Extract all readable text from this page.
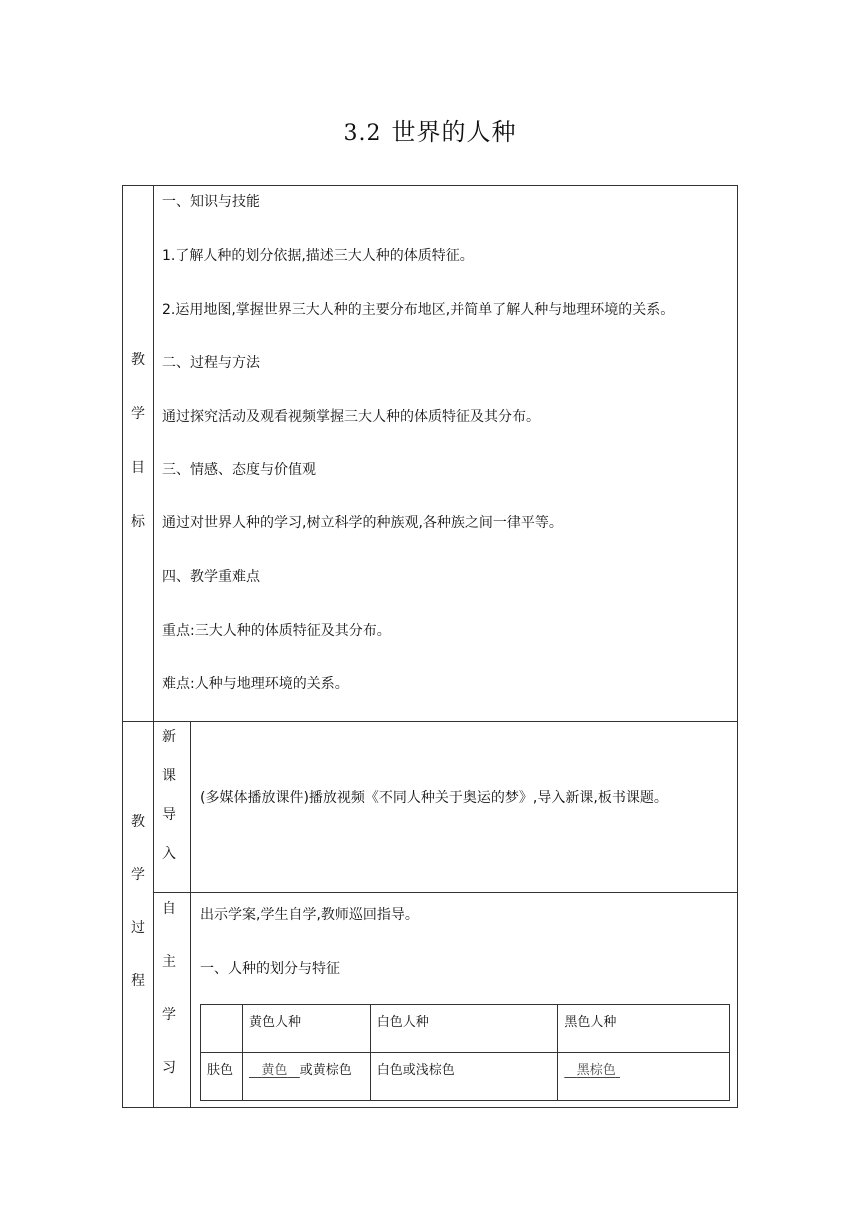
3.2 世界的人种
教
学
目
标
一、知识与技能
1.了解人种的划分依据,描述三大人种的体质特征。
2.运用地图,掌握世界三大人种的主要分布地区,并简单了解人种与地理环境的关系。
二、过程与方法
通过探究活动及观看视频掌握三大人种的体质特征及其分布。
三、情感、态度与价值观
通过对世界人种的学习,树立科学的种族观,各种族之间一律平等。
四、教学重难点
重点:三大人种的体质特征及其分布。
难点:人种与地理环境的关系。
教
学
过
程
新
课
导
入
(多媒体播放课件)播放视频《不同人种关于奥运的梦》,导入新课,板书课题。
自
主
学
习
出示学案,学生自学,教师巡回指导。
一、人种的划分与特征
	黄色人种	白色人种	黑色人种
肤色	黄色 或黄棕色	白色或浅棕色	黑棕色
